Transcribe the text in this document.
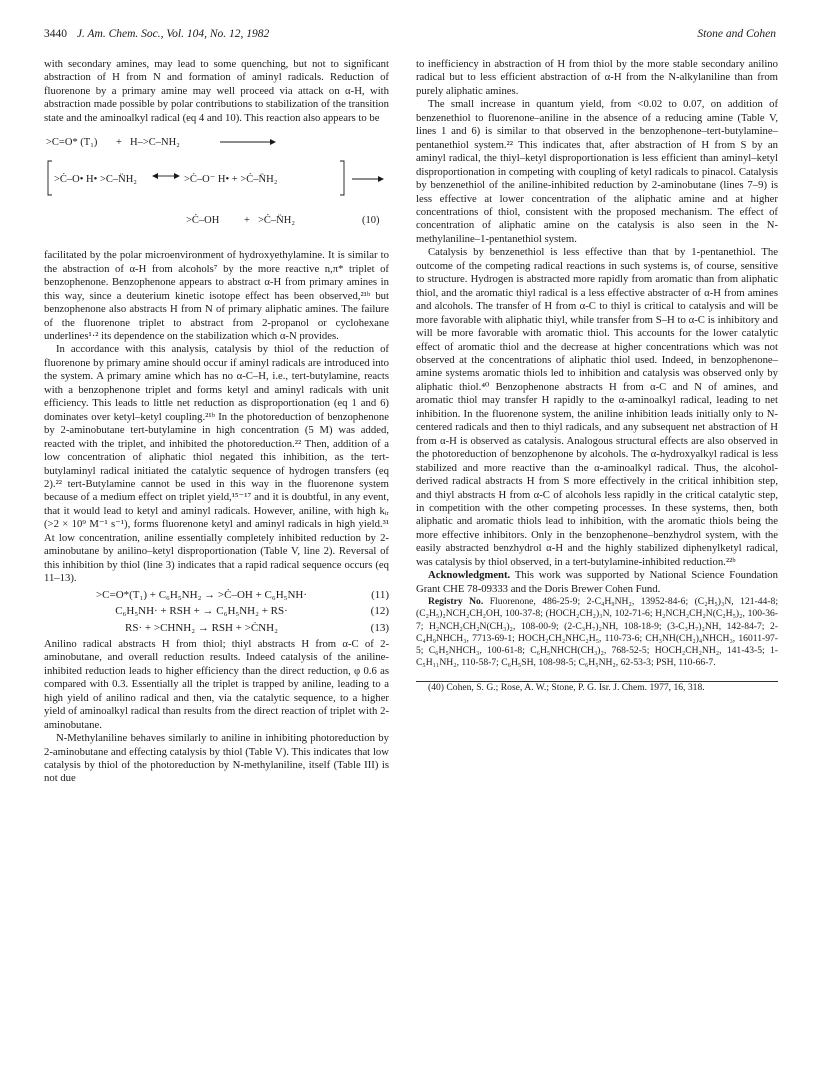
3440 J. Am. Chem. Soc., Vol. 104, No. 12, 1982	Stone and Cohen

with secondary amines, may lead to some quenching, but not to significant abstraction of H from N and formation of aminyl radicals. Reduction of fluorenone by a primary amine may well proceed via attack on α-H, with abstraction made possible by polar contributions to stabilization of the transition state and the aminoalkyl radical (eq 4 and 10). This reaction also appears to be

>C=O* (T₁) + H–>C–NH₂
>Ċ–O• H• >C–N̈H₂	>Ċ–O⁻ H• + >Ċ–N̈H₂
>Ċ–OH + >Ċ–N̈H₂	(10)

facilitated by the polar microenvironment of hydroxyethylamine. It is similar to the abstraction of α-H from alcohols⁷ by the more reactive n,π* triplet of benzophenone. Benzophenone appears to abstract α-H from primary amines in this way, since a deuterium kinetic isotope effect has been observed,²¹ᵇ but benzophenone also abstracts H from N of primary aliphatic amines. The failure of the fluorenone triplet to abstract from 2-propanol or cyclohexane underlines¹·² its dependence on the stabilization which α-N provides.

In accordance with this analysis, catalysis by thiol of the reduction of fluorenone by primary amine should occur if aminyl radicals are introduced into the system. A primary amine which has no α-C–H, i.e., tert-butylamine, reacts with a benzophenone triplet and forms ketyl and aminyl radicals with unit efficiency. This leads to little net reduction as disproportionation (eq 1 and 6) dominates over ketyl–ketyl coupling.²¹ᵇ In the photoreduction of benzophenone by 2-aminobutane tert-butylamine in high concentration (5 M) was added, reacted with the triplet, and inhibited the photoreduction.²² Then, addition of a low concentration of aliphatic thiol negated this inhibition, as the tert-butylaminyl radical initiated the catalytic sequence of hydrogen transfers (eq 2).²² tert-Butylamine cannot be used in this way in the fluorenone system because of a medium effect on triplet yield,¹⁵⁻¹⁷ and it is doubtful, in any event, that it would lead to ketyl and aminyl radicals. However, aniline, with high kᵢᵣ (>2 × 10⁹ M⁻¹ s⁻¹), forms fluorenone ketyl and aminyl radicals in high yield.³¹ At low concentration, aniline essentially completely inhibited reduction by 2-aminobutane by anilino–ketyl disproportionation (Table V, line 2). Reversal of this inhibition by thiol (line 3) indicates that a rapid radical sequence occurs (eq 11–13).

>C=O*(T₁) + C₆H₅NH₂ → >Ċ–OH + C₆H₅NH·	(11)
C₆H₅NH· + RSH + → C₆H₅NH₂ + RS·	(12)
RS· + >CHNH₂ → RSH + >ĊNH₂	(13)

Anilino radical abstracts H from thiol; thiyl abstracts H from α-C of 2-aminobutane, and overall reduction results. Indeed catalysis of the aniline-inhibited reduction leads to higher efficiency than the direct reduction, φ 0.6 as compared with 0.3. Essentially all the triplet is trapped by aniline, leading to a high yield of anilino radical and then, via the catalytic sequence, to a higher yield of aminoalkyl radical than results from the direct reaction of triplet with 2-aminobutane.

N-Methylaniline behaves similarly to aniline in inhibiting photoreduction by 2-aminobutane and effecting catalysis by thiol (Table V). This indicates that low catalysis by thiol of the photoreduction by N-methylaniline, itself (Table III) is not due

to inefficiency in abstraction of H from thiol by the more stable secondary anilino radical but to less efficient abstraction of α-H from the N-alkylaniline than from purely aliphatic amines.

The small increase in quantum yield, from <0.02 to 0.07, on addition of benzenethiol to fluorenone–aniline in the absence of a reducing amine (Table V, lines 1 and 6) is similar to that observed in the benzophenone–tert-butylamine–pentanethiol system.²² This indicates that, after abstraction of H from S by an aminyl radical, the thiyl–ketyl disproportionation is less efficient than aminyl–ketyl disproportionation in competing with coupling of ketyl radicals to pinacol. Catalysis by benzenethiol of the aniline-inhibited reduction by 2-aminobutane (lines 7–9) is less effective at lower concentration of the aliphatic amine and at higher concentrations of thiol, consistent with the proposed mechanism. The effect of concentration of aliphatic amine on the catalysis is also seen in the N-methylaniline–1-pentanethiol system.

Catalysis by benzenethiol is less effective than that by 1-pentanethiol. The outcome of the competing radical reactions in such systems is, of course, sensitive to structure. Hydrogen is abstracted more rapidly from aromatic than from aliphatic thiol, and the aromatic thiyl radical is a less effective abstracter of α-H from amines and alcohols. The transfer of H from α-C to thiyl is critical to catalysis and will be more favorable with aliphatic thiyl, while transfer from S–H to α-C is inhibitory and will be more favorable with aromatic thiol. This accounts for the lower catalytic effect of aromatic thiol and the decrease at higher concentrations which was not observed at the concentrations of aliphatic thiol used. Indeed, in benzophenone–amine systems aromatic thiols led to inhibition and catalysis was observed only by aliphatic thiol.⁴⁰ Benzophenone abstracts H from α-C and N of amines, and aromatic thiol may transfer H rapidly to the α-aminoalkyl radical, leading to net inhibition. In the fluorenone system, the aniline inhibition leads initially only to N-centered radicals and then to thiyl radicals, and any subsequent net abstraction of H from α-H is observed as catalysis. Analogous structural effects are also observed in the photoreduction of benzophenone by alcohols. The α-hydroxyalkyl radical is less stabilized and more reactive than the α-aminoalkyl radical. Thus, the alcohol-derived radical abstracts H from S more effectively in the critical inhibition step, and thiyl abstracts H from α-C of alcohols less rapidly in the critical catalytic step, in competition with the other competing processes. In these systems, then, both aliphatic and aromatic thiols lead to inhibition, with the aromatic thiols being the more effective inhibitors. Only in the benzophenone–benzhydrol system, with the easily abstracted benzhydrol α-H and the highly stabilized diphenylketyl radical, was catalysis by thiol observed, in a tert-butylamine-inhibited reduction.²²ᵇ

Acknowledgment. This work was supported by National Science Foundation Grant CHE 78-09333 and the Doris Brewer Cohen Fund.

Registry No. Fluorenone, 486-25-9; 2-C₄H₉NH₂, 13952-84-6; (C₂H₅)₃N, 121-44-8; (C₂H₅)₂NCH₂CH₂OH, 100-37-8; (HOCH₂CH₂)₃N, 102-71-6; H₂NCH₂CH₂N(C₂H₅)₂, 100-36-7; H₂NCH₂CH₂N(CH₃)₂, 108-00-9; (2-C₃H₇)₂NH, 108-18-9; (3-C₃H₇)₂NH, 142-84-7; 2-C₄H₉NHCH₃, 7713-69-1; HOCH₂CH₂NHC₂H₅, 110-73-6; CH₃NH(CH₂)₄NHCH₃, 16011-97-5; C₆H₅NHCH₃, 100-61-8; C₆H₅NHCH(CH₃)₂, 768-52-5; HOCH₂CH₂NH₂, 141-43-5; 1-C₅H₁₁NH₂, 110-58-7; C₆H₅SH, 108-98-5; C₆H₅NH₂, 62-53-3; PSH, 110-66-7.

(40) Cohen, S. G.; Rose, A. W.; Stone, P. G. Isr. J. Chem. 1977, 16, 318.
